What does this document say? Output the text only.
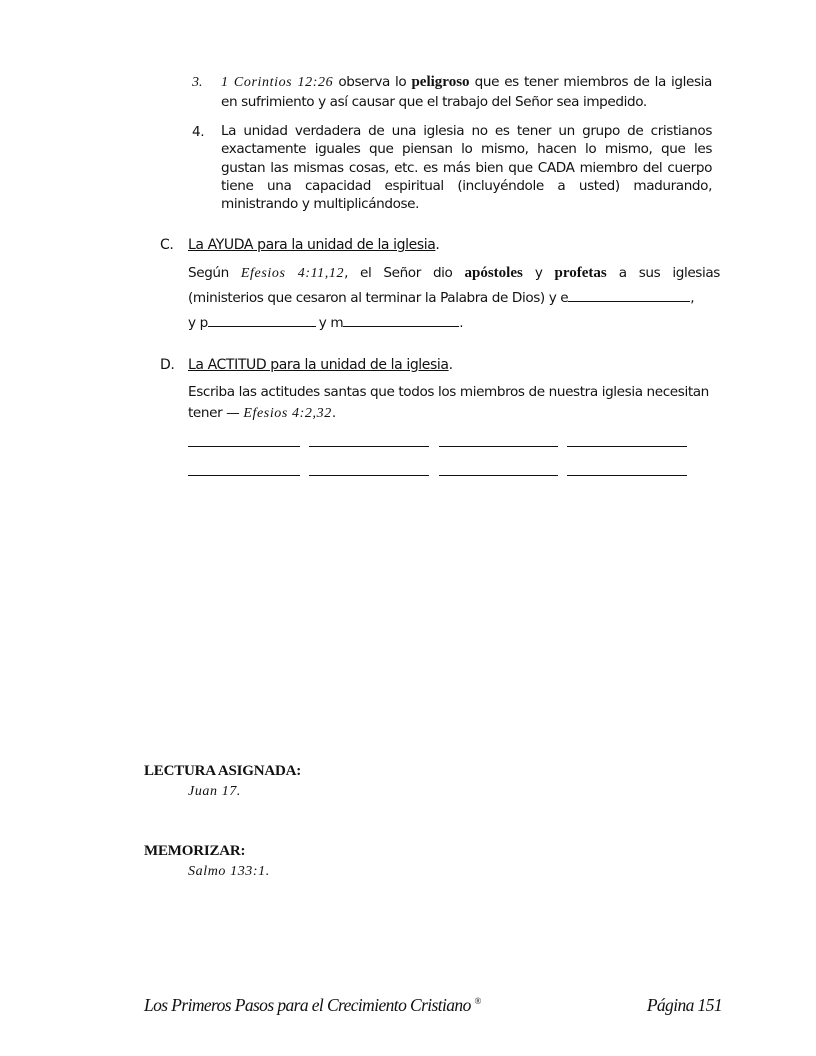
3. 1 Corintios 12:26 observa lo peligroso que es tener miembros de la iglesia en sufrimiento y así causar que el trabajo del Señor sea impedido.
4. La unidad verdadera de una iglesia no es tener un grupo de cristianos exactamente iguales que piensan lo mismo, hacen lo mismo, que les gustan las mismas cosas, etc. es más bien que CADA miembro del cuerpo tiene una capacidad espiritual (incluyéndole a usted) madurando, ministrando y multiplicándose.
C. La AYUDA para la unidad de la iglesia.
Según Efesios 4:11,12, el Señor dio apóstoles y profetas a sus iglesias
(ministerios que cesaron al terminar la Palabra de Dios) y e	,
y p	y m	.
D. La ACTITUD para la unidad de la iglesia.
Escriba las actitudes santas que todos los miembros de nuestra iglesia necesitan
tener — Efesios 4:2,32.
LECTURA ASIGNADA:
Juan 17.
MEMORIZAR:
Salmo 133:1.
Los Primeros Pasos para el Crecimiento Cristiano ®	Página 151
